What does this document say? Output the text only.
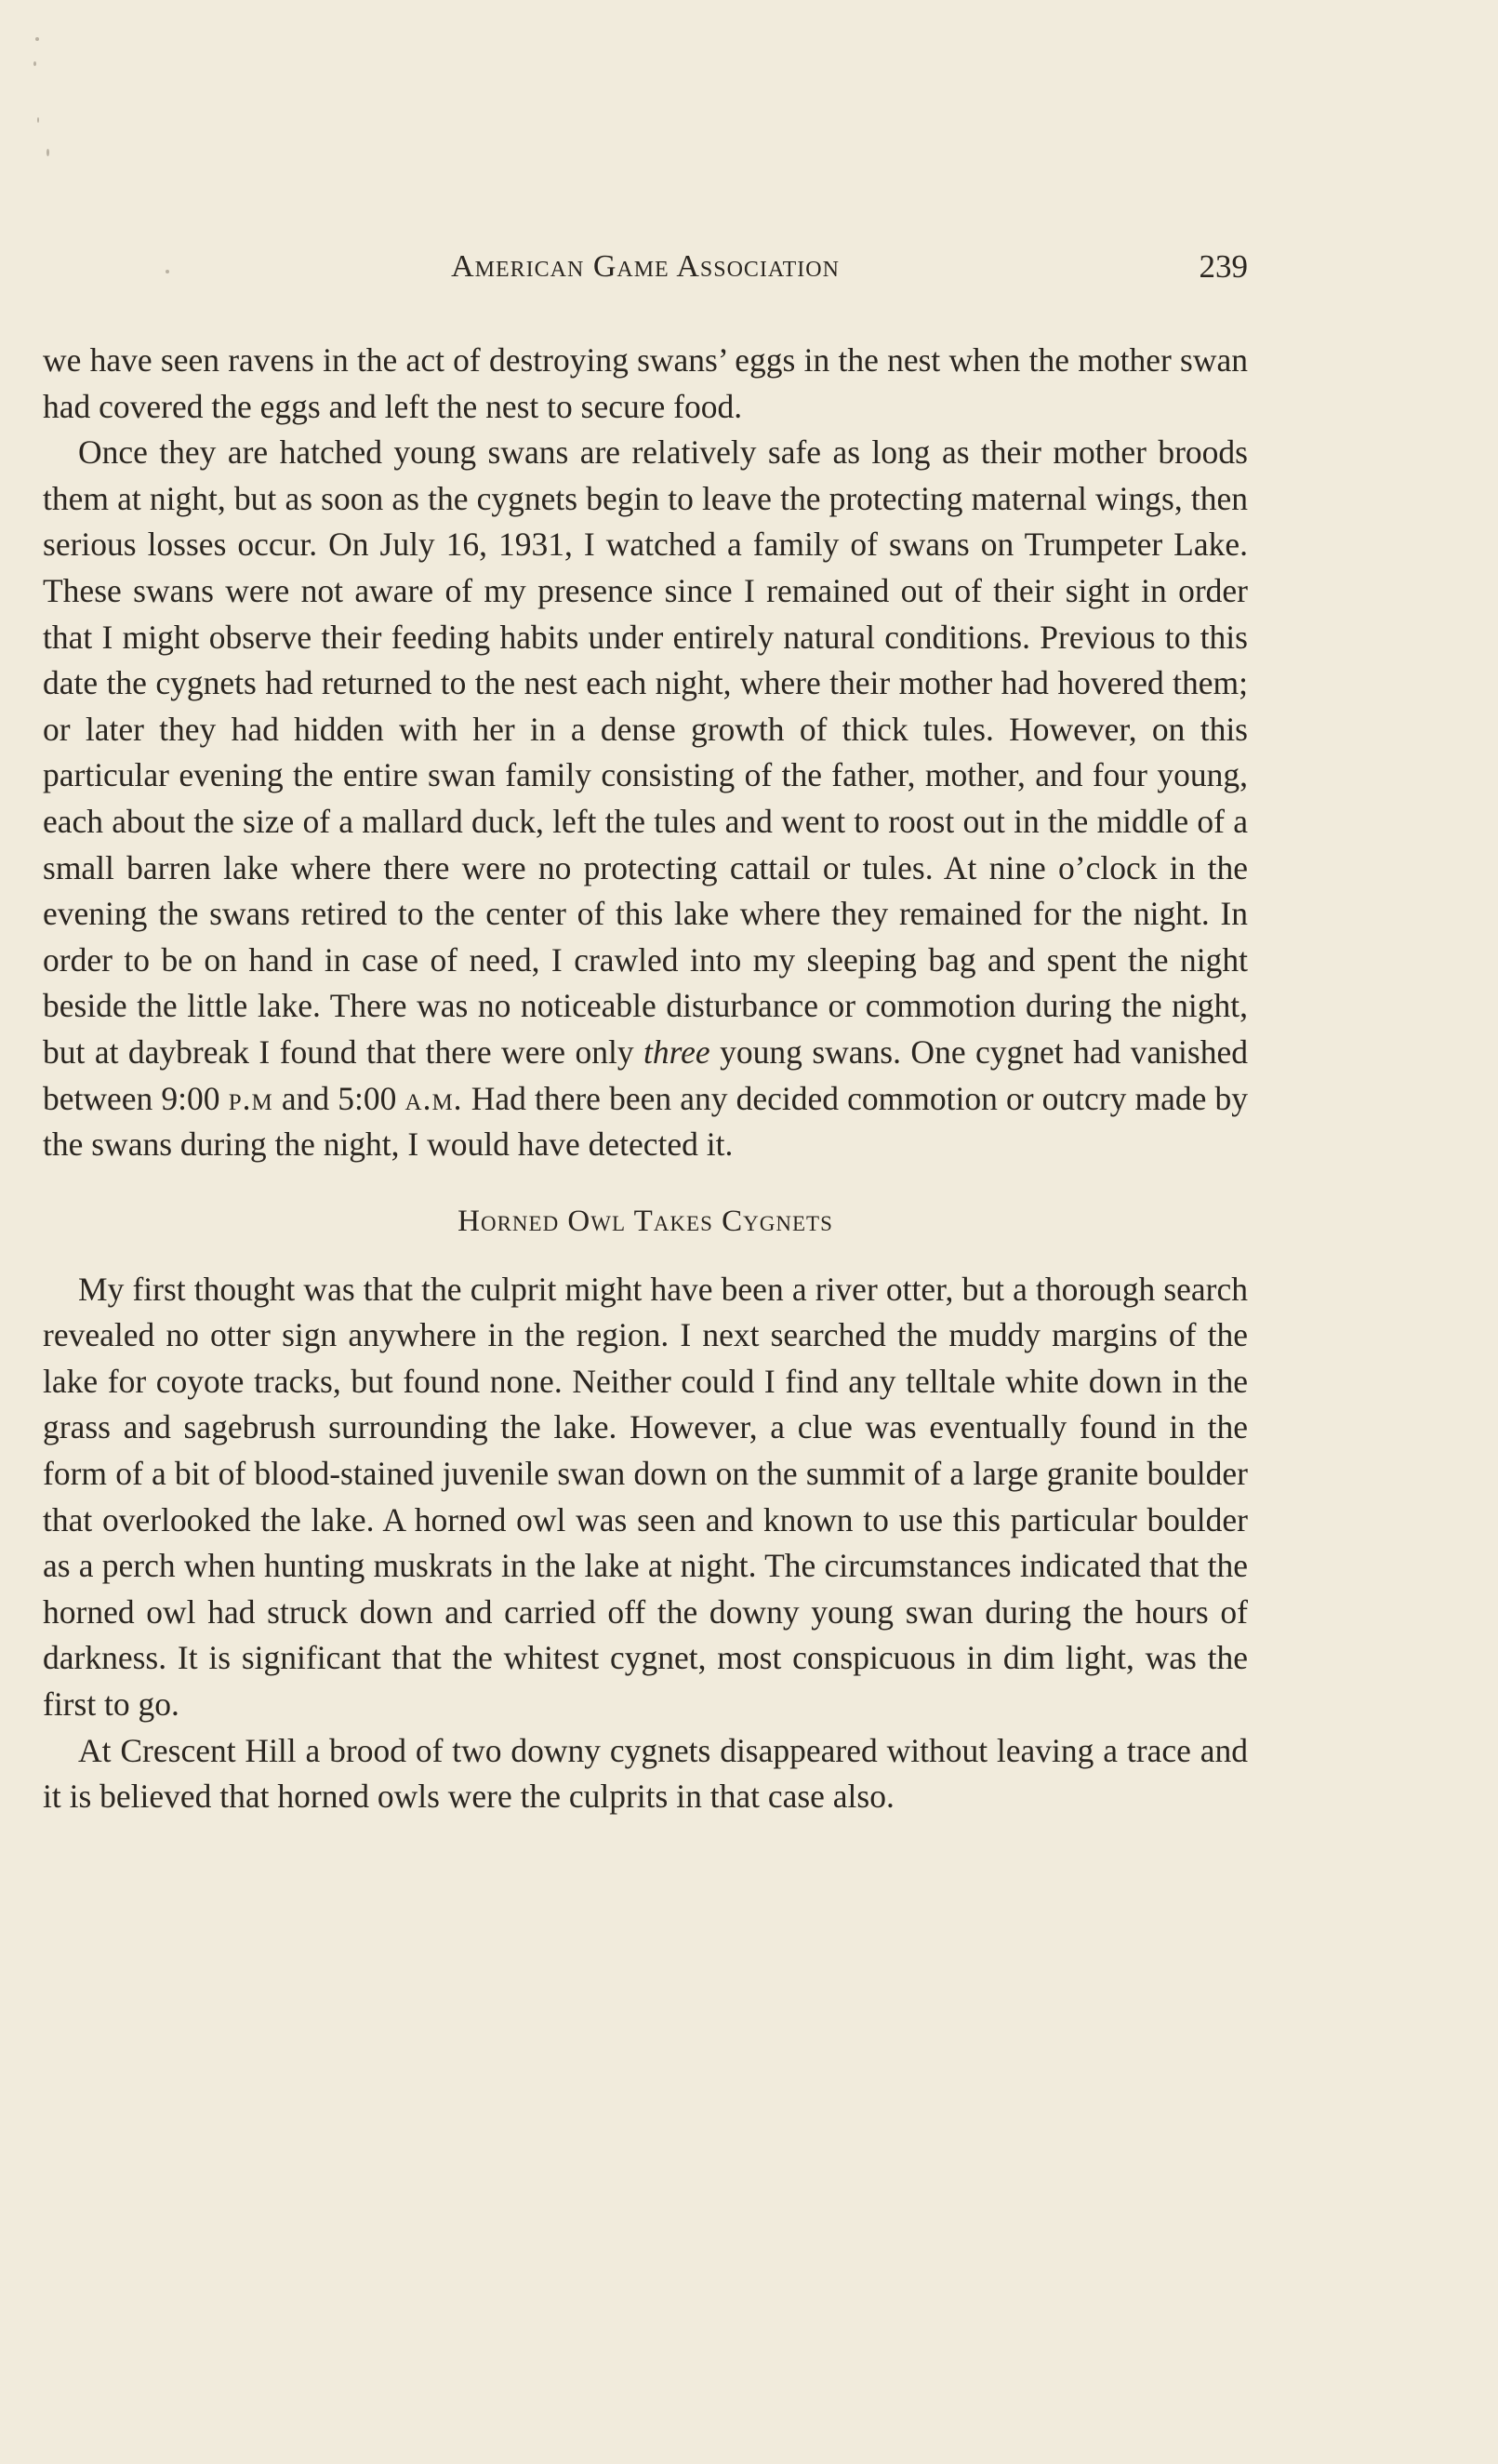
American Game Association	239

we have seen ravens in the act of destroying swans’ eggs in the nest when the mother swan had covered the eggs and left the nest to secure food.

Once they are hatched young swans are relatively safe as long as their mother broods them at night, but as soon as the cygnets begin to leave the protecting maternal wings, then serious losses occur. On July 16, 1931, I watched a family of swans on Trumpeter Lake. These swans were not aware of my presence since I remained out of their sight in order that I might observe their feeding habits under entirely natural conditions. Previous to this date the cygnets had returned to the nest each night, where their mother had hovered them; or later they had hidden with her in a dense growth of thick tules. However, on this particular evening the entire swan family consisting of the father, mother, and four young, each about the size of a mallard duck, left the tules and went to roost out in the middle of a small barren lake where there were no protecting cattail or tules. At nine o’clock in the evening the swans retired to the center of this lake where they remained for the night. In order to be on hand in case of need, I crawled into my sleeping bag and spent the night beside the little lake. There was no noticeable disturbance or commotion during the night, but at daybreak I found that there were only three young swans. One cygnet had vanished between 9:00 p.m and 5:00 a.m. Had there been any decided commotion or outcry made by the swans during the night, I would have detected it.

Horned Owl Takes Cygnets

My first thought was that the culprit might have been a river otter, but a thorough search revealed no otter sign anywhere in the region. I next searched the muddy margins of the lake for coyote tracks, but found none. Neither could I find any telltale white down in the grass and sagebrush surrounding the lake. However, a clue was eventually found in the form of a bit of blood-stained juvenile swan down on the summit of a large granite boulder that overlooked the lake. A horned owl was seen and known to use this particular boulder as a perch when hunting muskrats in the lake at night. The circumstances indicated that the horned owl had struck down and carried off the downy young swan during the hours of darkness. It is significant that the whitest cygnet, most conspicuous in dim light, was the first to go.

At Crescent Hill a brood of two downy cygnets disappeared without leaving a trace and it is believed that horned owls were the culprits in that case also.
